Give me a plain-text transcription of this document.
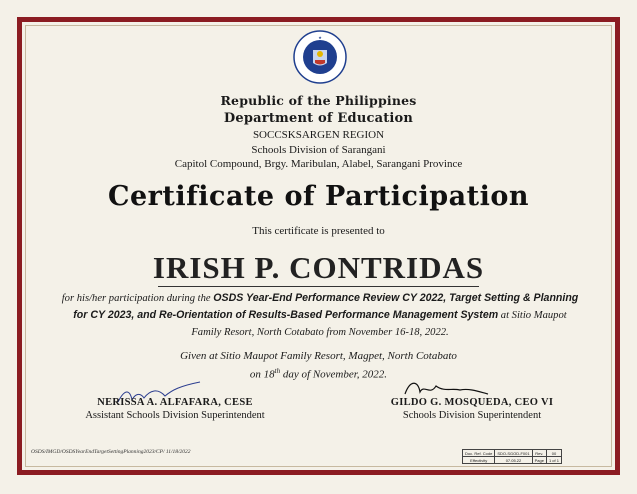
★
Republic of the Philippines
Department of Education
SOCCSKSARGEN REGION
Schools Division of Sarangani
Capitol Compound, Brgy. Maribulan, Alabel, Sarangani Province
Certificate of Participation
This certificate is presented to
IRISH P. CONTRIDAS
for his/her participation during the OSDS Year-End Performance Review CY 2022, Target Setting & Planning for CY 2023, and Re-Orientation of Results-Based Performance Management System at Sitio Maupot Family Resort, North Cotabato from November 16-18, 2022.
Given at Sitio Maupot Family Resort, Magpet, North Cotabato
on 18th day of November, 2022.
NERISSA A. ALFAFARA, CESE
Assistant Schools Division Superintendent
GILDO G. MOSQUEDA, CEO VI
Schools Division Superintendent
OSDS/IMGD/OSDSYearEndTargetSettingPlanning2023/CP/ 11/18/2022	Doc. Ref. Code	SDO-SGOD-F001	Rev.	00
Effectivity	07.05.22	Page	1 of 1
